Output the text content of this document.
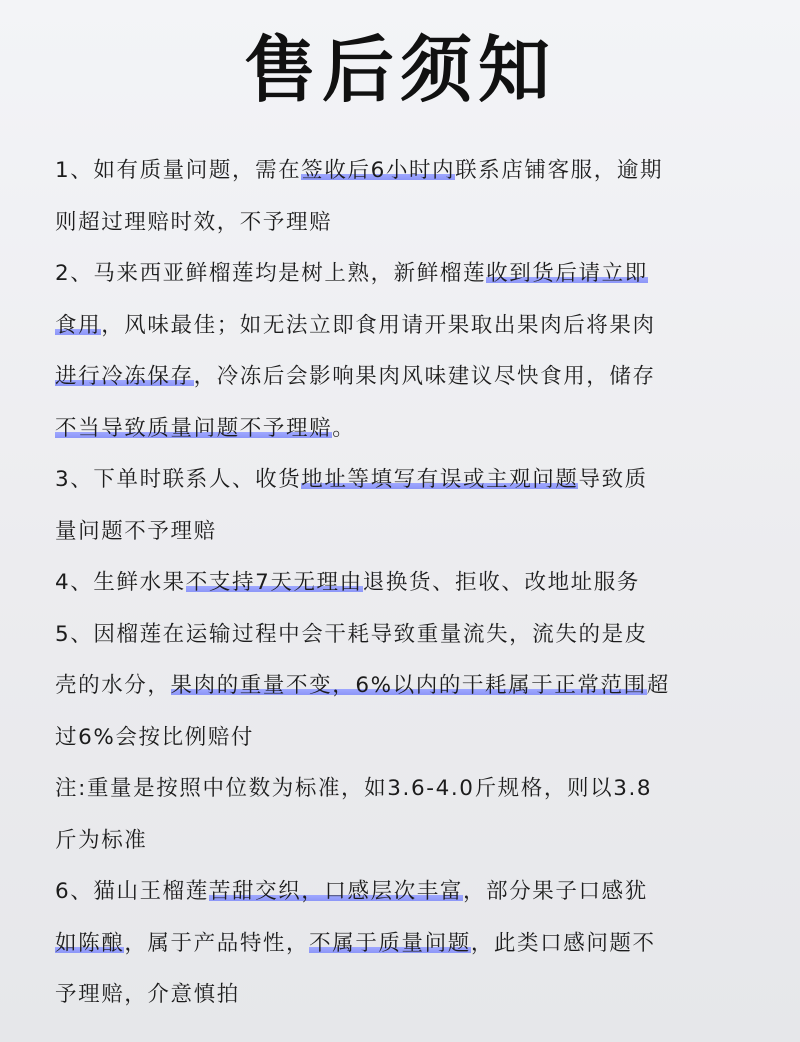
售后须知
1、如有质量问题，需在签收后6小时内联系店铺客服，逾期
则超过理赔时效，不予理赔
2、马来西亚鲜榴莲均是树上熟，新鲜榴莲收到货后请立即
食用，风味最佳；如无法立即食用请开果取出果肉后将果肉
进行冷冻保存，冷冻后会影响果肉风味建议尽快食用，储存
不当导致质量问题不予理赔。
3、下单时联系人、收货地址等填写有误或主观问题导致质
量问题不予理赔
4、生鲜水果不支持7天无理由退换货、拒收、改地址服务
5、因榴莲在运输过程中会干耗导致重量流失，流失的是皮
壳的水分，果肉的重量不变，6%以内的干耗属于正常范围超
过6%会按比例赔付
注:重量是按照中位数为标准，如3.6-4.0斤规格，则以3.8
斤为标准
6、猫山王榴莲苦甜交织，口感层次丰富，部分果子口感犹
如陈酿，属于产品特性，不属于质量问题，此类口感问题不
予理赔，介意慎拍
